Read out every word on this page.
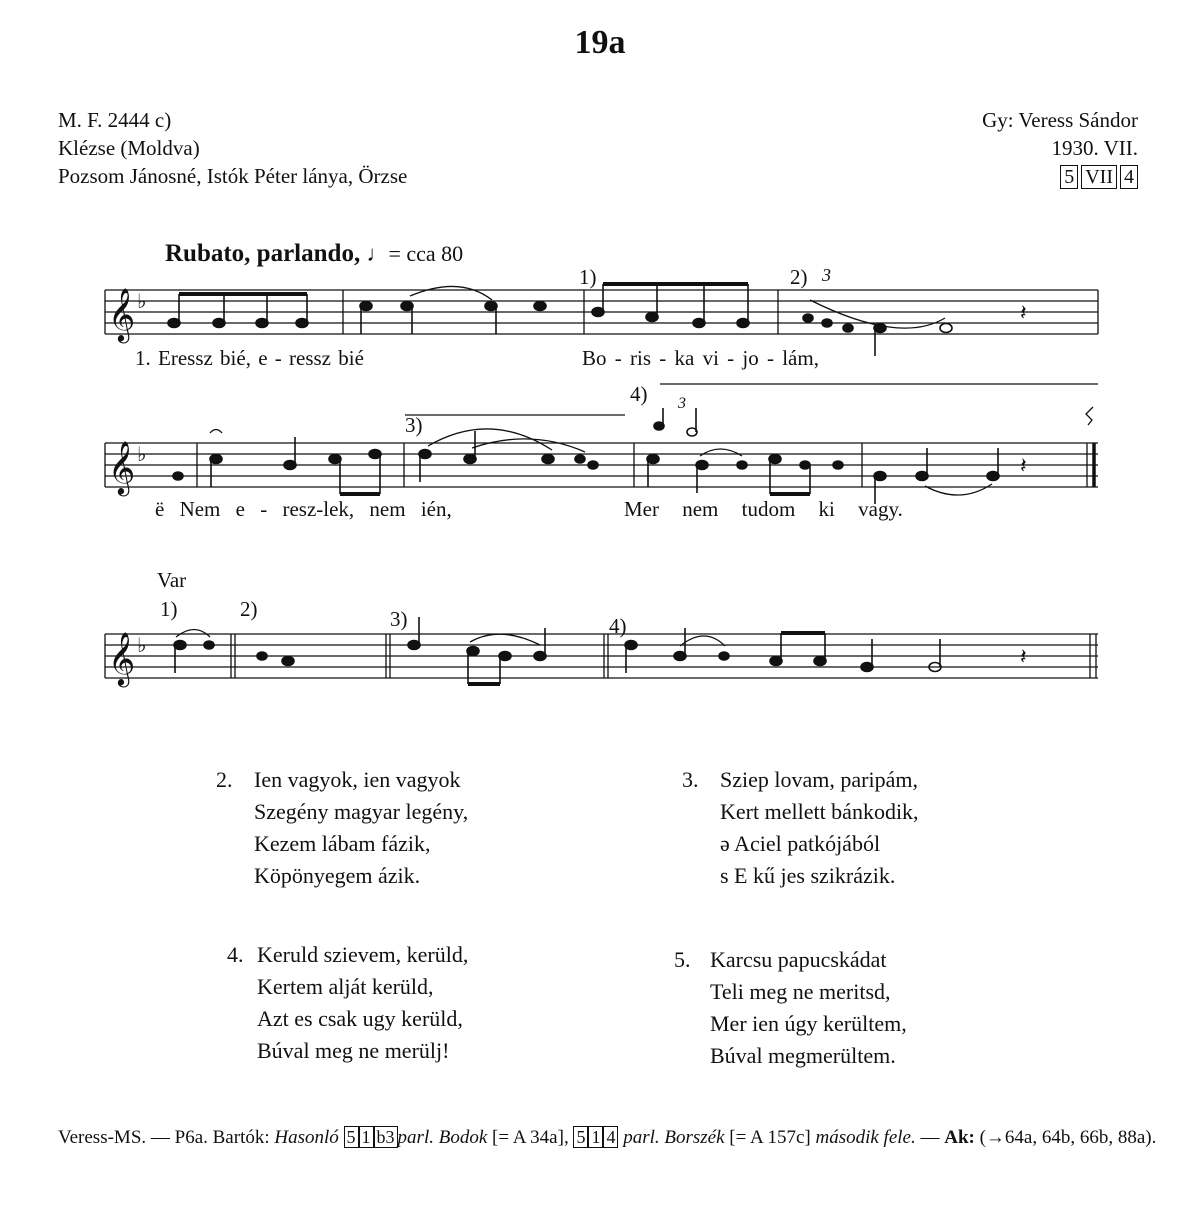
19a
M. F. 2444 c)
Klézse (Moldva)
Pozsom Jánosné, Istók Péter lánya, Örzse
Gy: Veress Sándor
1930. VII.
5 VII 4
Rubato, parlando, ♩= cca 80
𝄞
𝄞
𝄞
♭
♭
♭
𝄽
𝄽
𝄽
1)	2) 3
3)
4) 3
1. Eressz bié, e - ressz bié	Bo - ris - ka vi - jo - lám,
ë Nem e - resz-lek, nem ién,	Mer nem tudom ki vagy.
Var
1)	2)	3)	4)
2. Ien vagyok, ien vagyok
Szegény magyar legény,
Kezem lábam fázik,
Köpönyegem ázik.
3. Sziep lovam, paripám,
Kert mellett bánkodik,
ə Aciel patkójából
s E kű jes szikrázik.
4. Keruld szievem, kerüld,
Kertem alját kerüld,
Azt es csak ugy kerüld,
Búval meg ne merülj!
5. Karcsu papucskádat
Teli meg ne meritsd,
Mer ien úgy kerültem,
Búval megmerültem.
Veress-MS. — P6a. Bartók: Hasonló 5 1 b3 parl. Bodok [= A 34a], 5 1 4 parl. Borszék [= A 157c] második fele. — Ak: (→64a, 64b, 66b, 88a).
